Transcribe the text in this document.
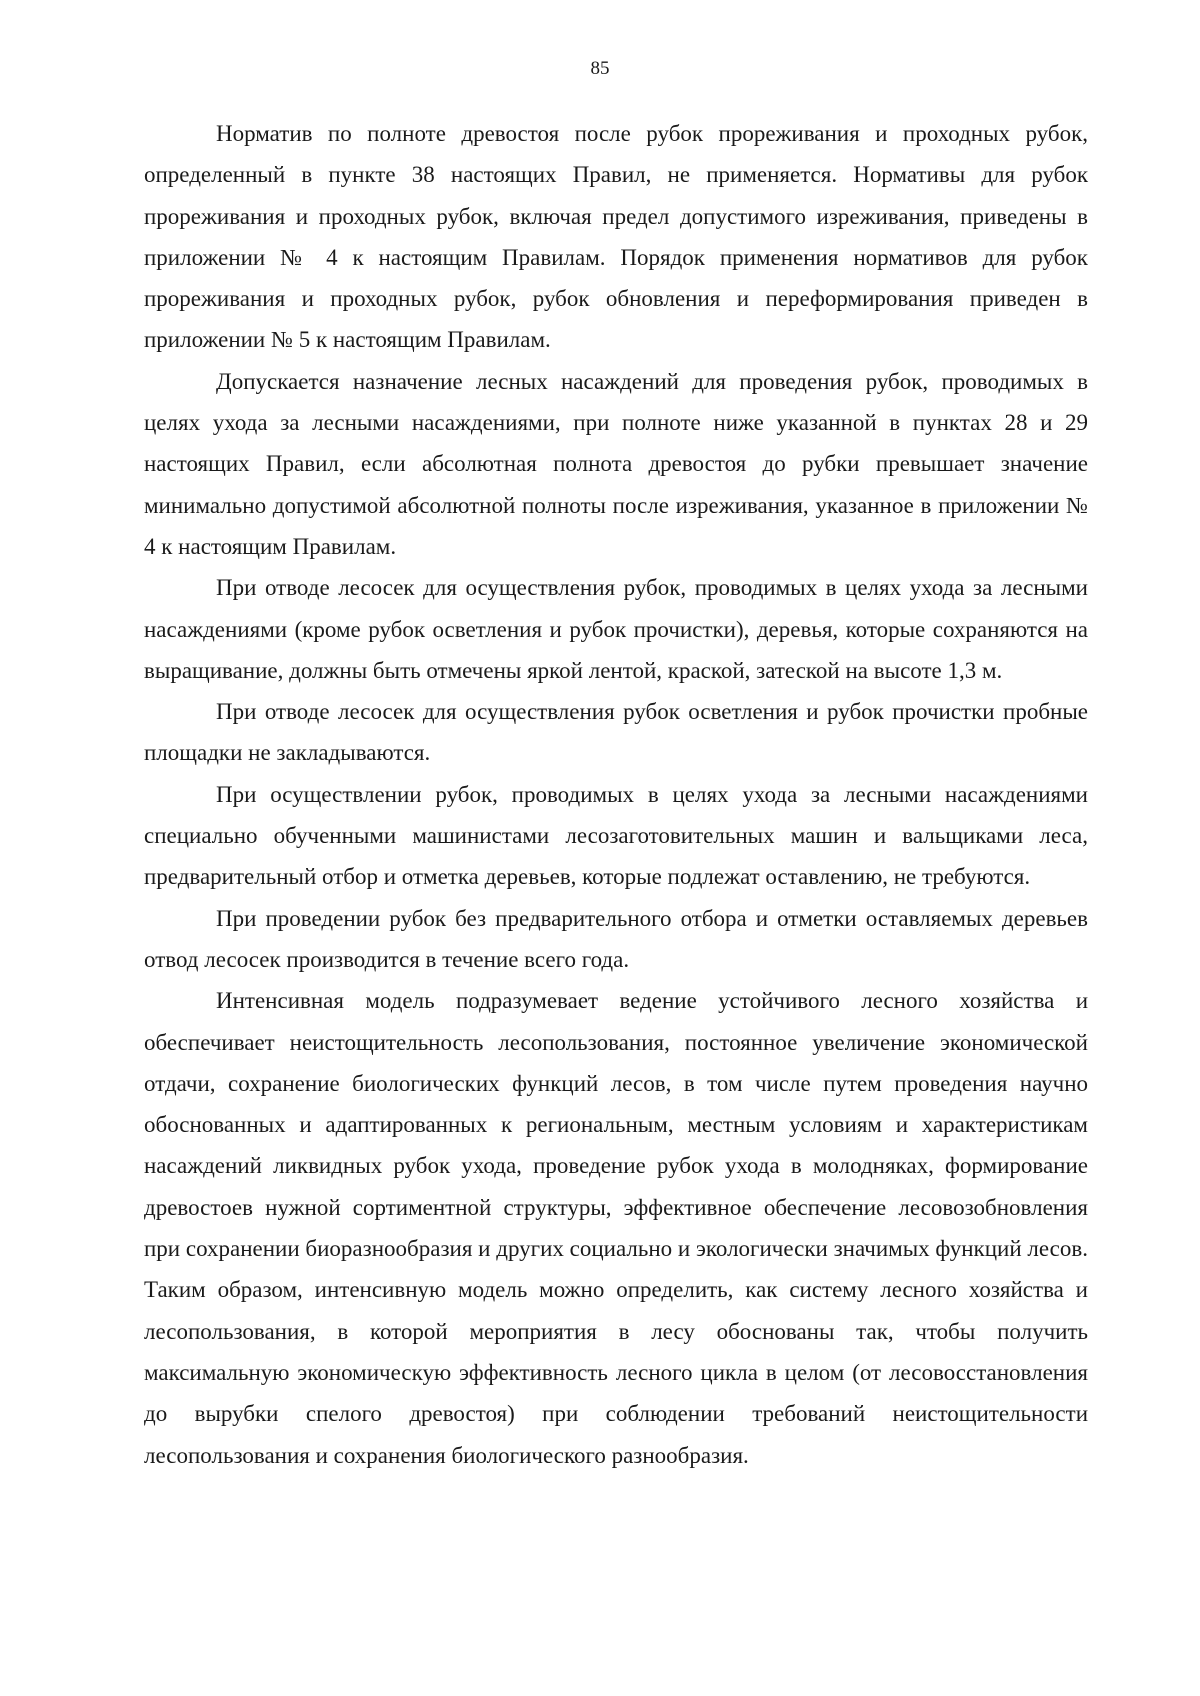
85

Норматив по полноте древостоя после рубок прореживания и проходных рубок, определенный в пункте 38 настоящих Правил, не применяется. Нормативы для рубок прореживания и проходных рубок, включая предел допустимого изреживания, приведены в приложении № 4 к настоящим Правилам. Порядок применения нормативов для рубок прореживания и проходных рубок, рубок обновления и переформирования приведен в приложении № 5 к настоящим Правилам.

Допускается назначение лесных насаждений для проведения рубок, проводимых в целях ухода за лесными насаждениями, при полноте ниже указанной в пунктах 28 и 29 настоящих Правил, если абсолютная полнота древостоя до рубки превышает значение минимально допустимой абсолютной полноты после изреживания, указанное в приложении № 4 к настоящим Правилам.

При отводе лесосек для осуществления рубок, проводимых в целях ухода за лесными насаждениями (кроме рубок осветления и рубок прочистки), деревья, которые сохраняются на выращивание, должны быть отмечены яркой лентой, краской, затеской на высоте 1,3 м.

При отводе лесосек для осуществления рубок осветления и рубок прочистки пробные площадки не закладываются.

При осуществлении рубок, проводимых в целях ухода за лесными насаждениями специально обученными машинистами лесозаготовительных машин и вальщиками леса, предварительный отбор и отметка деревьев, которые подлежат оставлению, не требуются.

При проведении рубок без предварительного отбора и отметки оставляемых деревьев отвод лесосек производится в течение всего года.

Интенсивная модель подразумевает ведение устойчивого лесного хозяйства и обеспечивает неистощительность лесопользования, постоянное увеличение экономической отдачи, сохранение биологических функций лесов, в том числе путем проведения научно обоснованных и адаптированных к региональным, местным условиям и характеристикам насаждений ликвидных рубок ухода, проведение рубок ухода в молодняках, формирование древостоев нужной сортиментной структуры, эффективное обеспечение лесовозобновления при сохранении биоразнообразия и других социально и экологически значимых функций лесов. Таким образом, интенсивную модель можно определить, как систему лесного хозяйства и лесопользования, в которой мероприятия в лесу обоснованы так, чтобы получить максимальную экономическую эффективность лесного цикла в целом (от лесовосстановления до вырубки спелого древостоя) при соблюдении требований неистощительности лесопользования и сохранения биологического разнообразия.
